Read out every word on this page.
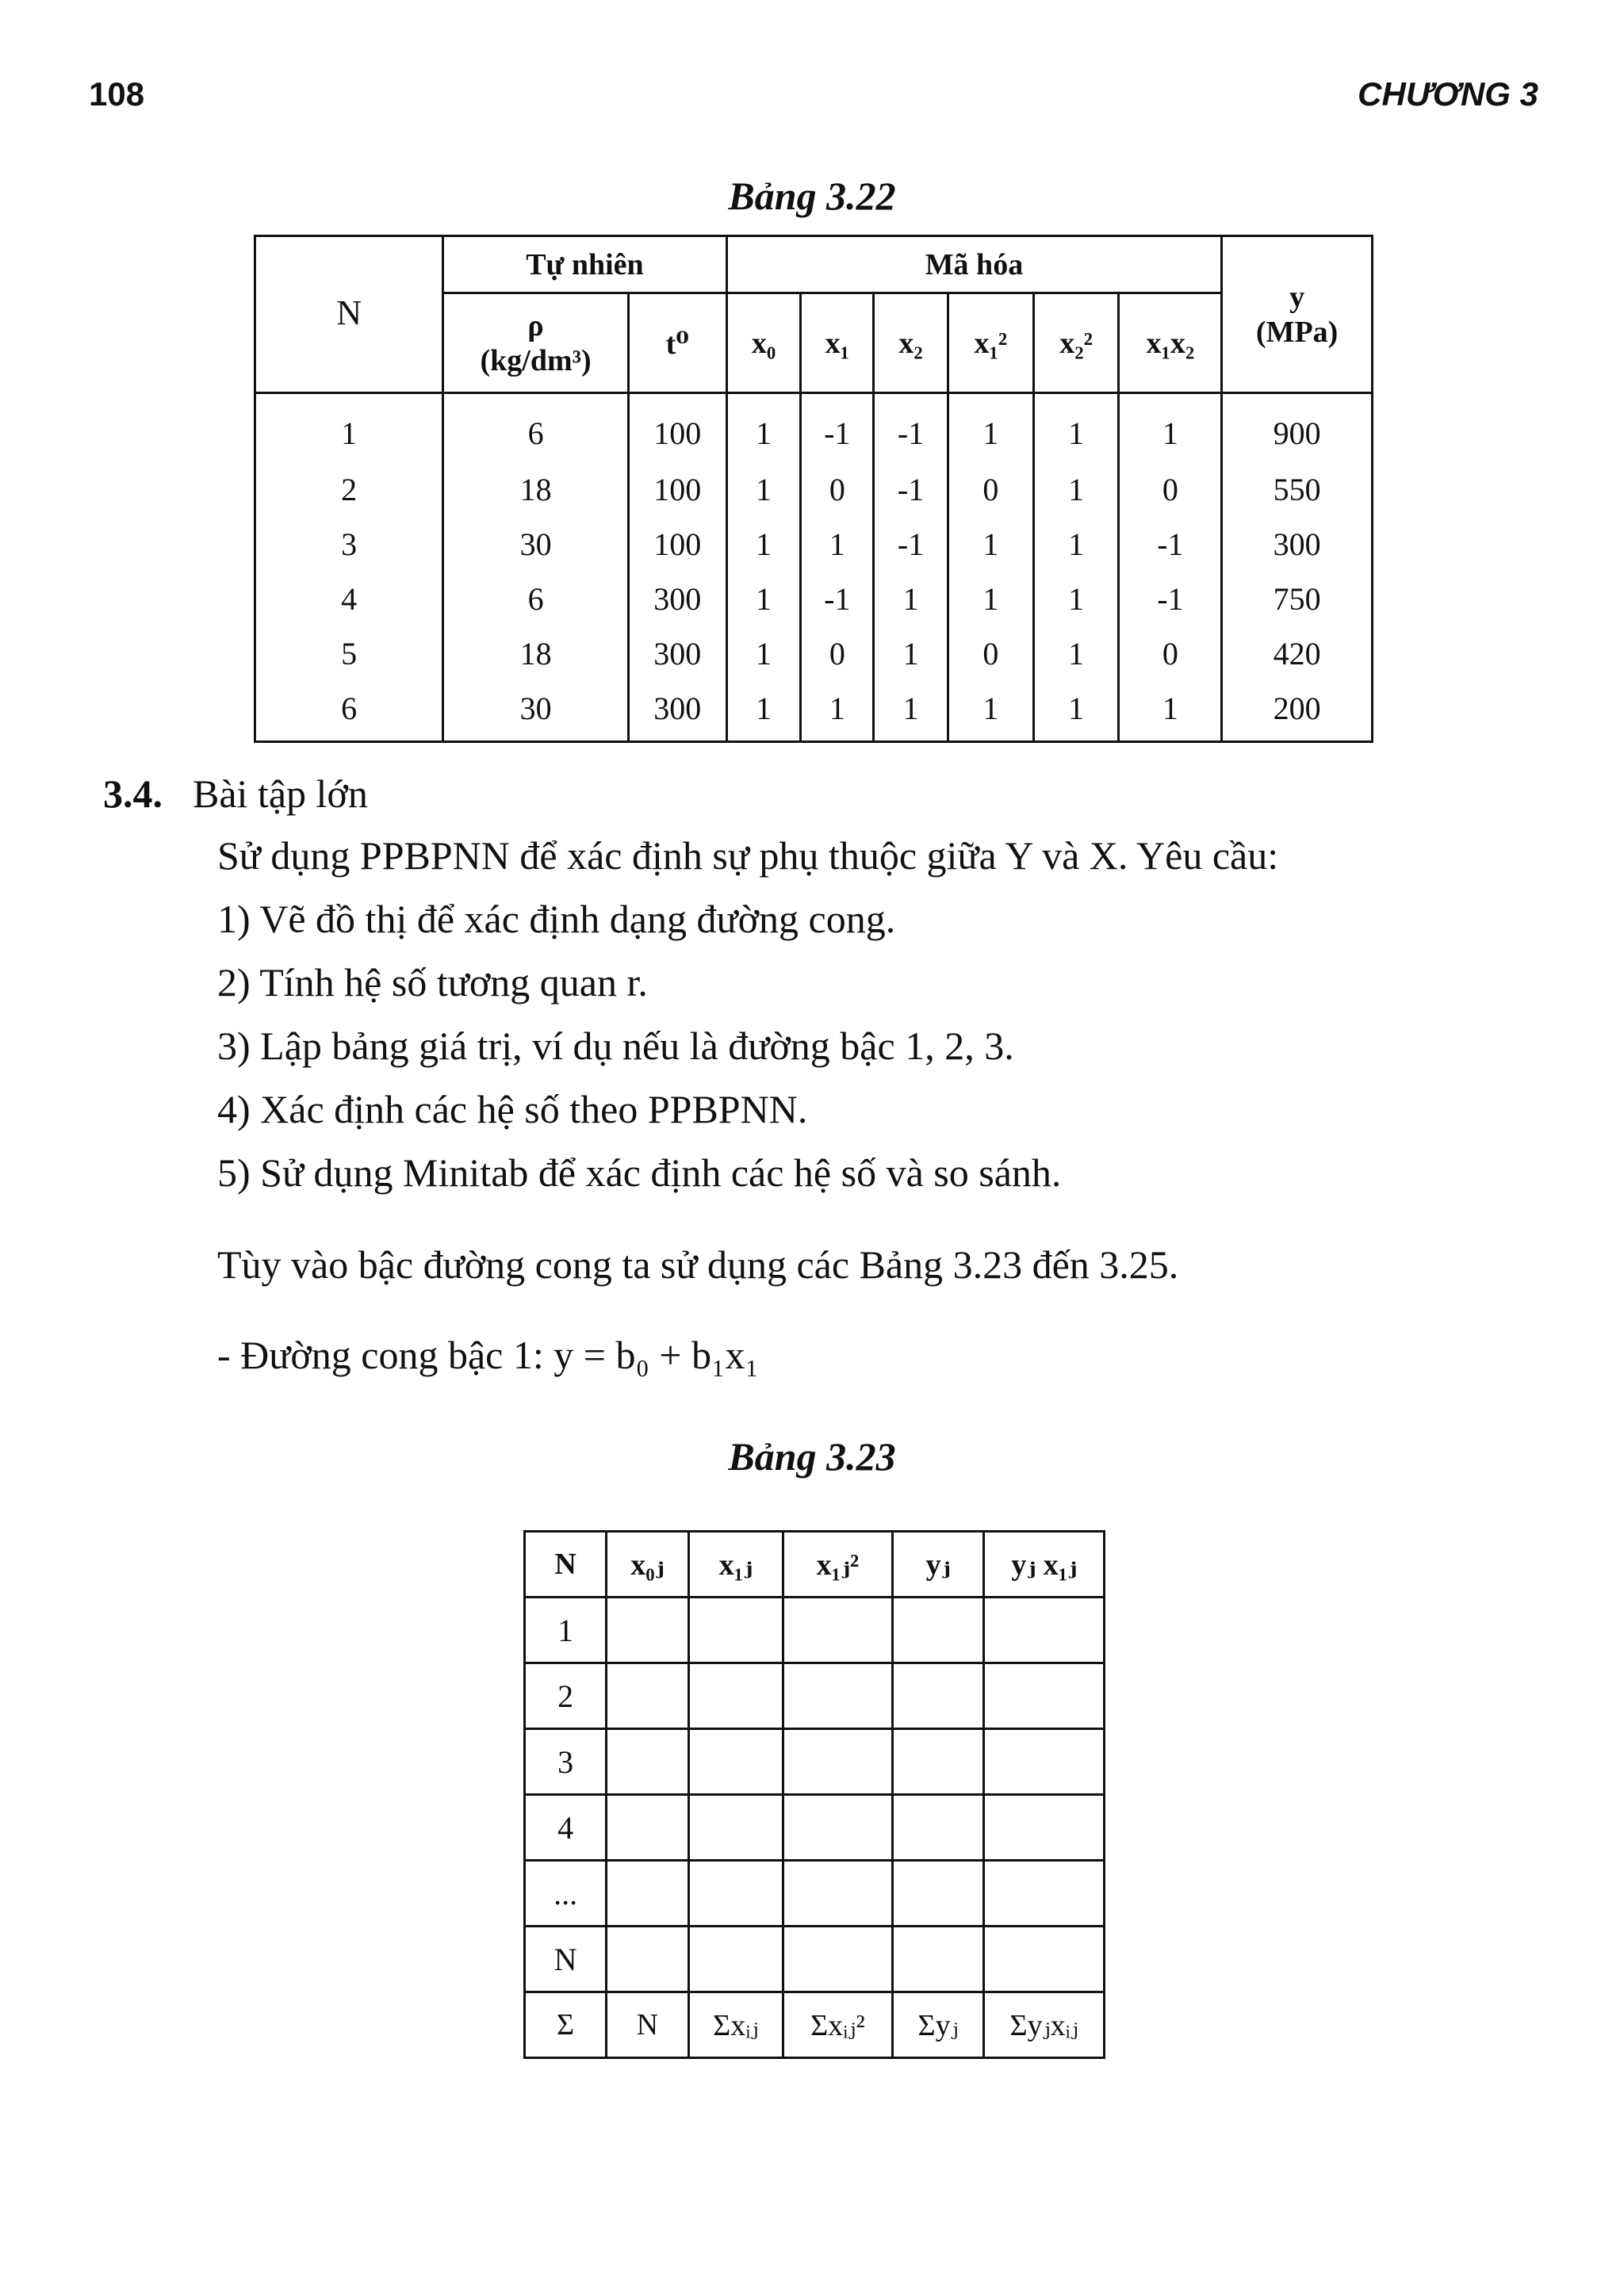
108	CHƯƠNG 3
Bảng 3.22
N	Tự nhiên		Mã hóa						y
(MPa)

	ρ
(kg/dm³)	t⁰	x₀	x₁	x₂	x₁²	x₂²	x₁x₂	
1	6	100	1	-1	-1	1	1	1	900
2	18	100	1	0	-1	0	1	0	550
3	30	100	1	1	-1	1	1	-1	300
4	6	300	1	-1	1	1	1	-1	750
5	18	300	1	0	1	0	1	0	420
6	30	300	1	1	1	1	1	1	200
3.4. Bài tập lớn
Sử dụng PPBPNN để xác định sự phụ thuộc giữa Y và X. Yêu cầu:
1) Vẽ đồ thị để xác định dạng đường cong.
2) Tính hệ số tương quan r.
3) Lập bảng giá trị, ví dụ nếu là đường bậc 1, 2, 3.
4) Xác định các hệ số theo PPBPNN.
5) Sử dụng Minitab để xác định các hệ số và so sánh.
Tùy vào bậc đường cong ta sử dụng các Bảng 3.23 đến 3.25.
- Đường cong bậc 1: y = b₀ + b₁x₁
Bảng 3.23
N	x₀ⱼ	x₁ⱼ	x₁ⱼ²	yⱼ	yⱼ x₁ⱼ
1					
2					
3					
4					
...					
N					
Σ	N	Σxᵢⱼ	Σxᵢⱼ²	Σyⱼ	Σyⱼxᵢⱼ
